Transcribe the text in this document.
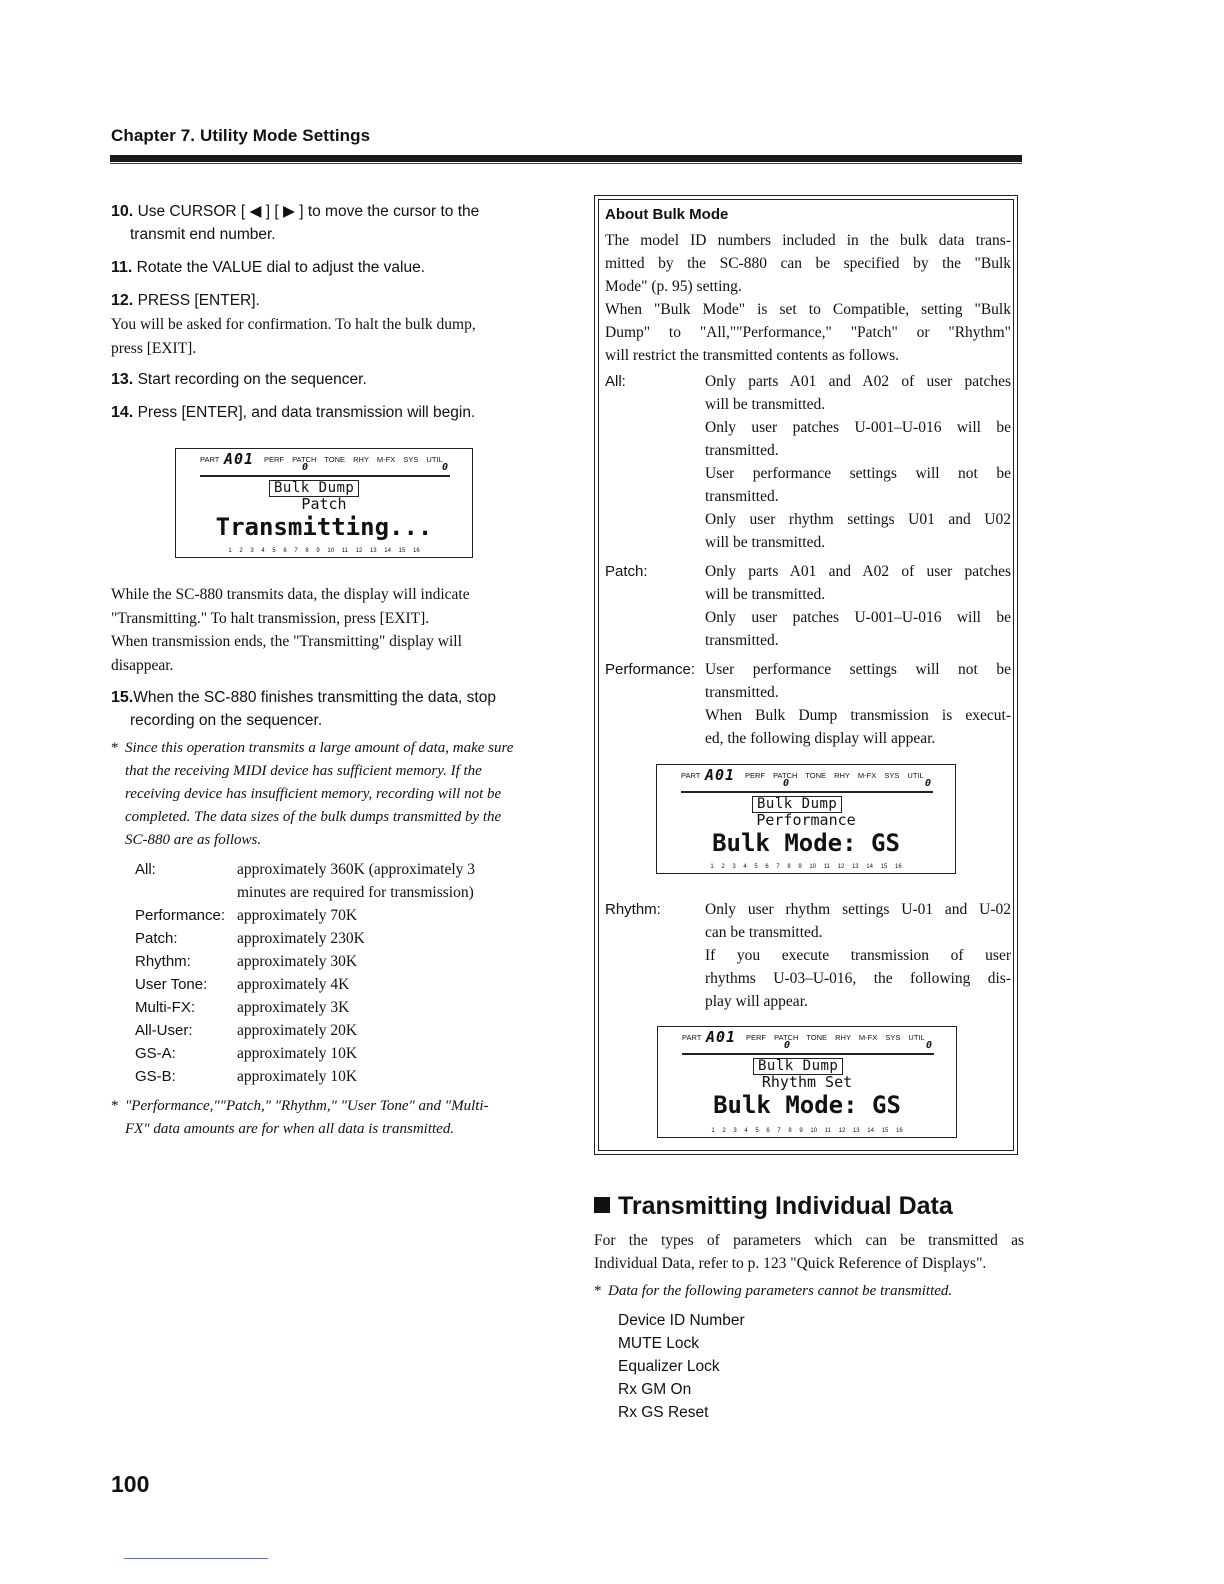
Chapter 7. Utility Mode Settings
10. Use CURSOR [ ◀ ] [ ▶ ] to move the cursor to the
transmit end number.
11. Rotate the VALUE dial to adjust the value.
12. PRESS [ENTER].
You will be asked for confirmation. To halt the bulk dump,
press [EXIT].
13. Start recording on the sequencer.
14. Press [ENTER], and data transmission will begin.
PART A01 PERF PATCH TONE RHY M-FX SYS UTIL
0	0
Bulk Dump
Patch
Transmitting...
1 2 3 4 5 6 7 8 9 10 11 12 13 14 15 16
While the SC-880 transmits data, the display will indicate
"Transmitting." To halt transmission, press [EXIT].
When transmission ends, the "Transmitting" display will
disappear.
15.When the SC-880 finishes transmitting the data, stop
recording on the sequencer.
* Since this operation transmits a large amount of data, make sure
that the receiving MIDI device has sufficient memory. If the
receiving device has insufficient memory, recording will not be
completed. The data sizes of the bulk dumps transmitted by the
SC-880 are as follows.
All:	approximately 360K (approximately 3
minutes are required for transmission)
Performance: approximately 70K
Patch:	approximately 230K
Rhythm:	approximately 30K
User Tone: approximately 4K
Multi-FX:	approximately 3K
All-User:	approximately 20K
GS-A:	approximately 10K
GS-B:	approximately 10K
* "Performance,""Patch," "Rhythm," "User Tone" and "Multi-
FX" data amounts are for when all data is transmitted.
About Bulk Mode
The model ID numbers included in the bulk data trans-
mitted by the SC-880 can be specified by the "Bulk
Mode" (p. 95) setting.
When "Bulk Mode" is set to Compatible, setting "Bulk
Dump" to "All,""Performance," "Patch" or "Rhythm"
will restrict the transmitted contents as follows.
All:	Only parts A01 and A02 of user patches
will be transmitted.
Only user patches U-001–U-016 will be
transmitted.
User performance settings will not be
transmitted.
Only user rhythm settings U01 and U02
will be transmitted.
Patch:	Only parts A01 and A02 of user patches
will be transmitted.
Only user patches U-001–U-016 will be
transmitted.
Performance: User performance settings will not be
transmitted.
When Bulk Dump transmission is execut-
ed, the following display will appear.
PART A01 PERF PATCH TONE RHY M-FX SYS UTIL
0	0
Bulk Dump
Performance
Bulk Mode: GS
1 2 3 4 5 6 7 8 9 10 11 12 13 14 15 16
Rhythm:	Only user rhythm settings U-01 and U-02
can be transmitted.
If you execute transmission of user
rhythms U-03–U-016, the following dis-
play will appear.
PART A01 PERF PATCH TONE RHY M-FX SYS UTIL
0	0
Bulk Dump
Rhythm Set
Bulk Mode: GS
1 2 3 4 5 6 7 8 9 10 11 12 13 14 15 16
Transmitting Individual Data
For the types of parameters which can be transmitted as
Individual Data, refer to p. 123 "Quick Reference of Displays".
* Data for the following parameters cannot be transmitted.
Device ID Number
MUTE Lock
Equalizer Lock
Rx GM On
Rx GS Reset
100
